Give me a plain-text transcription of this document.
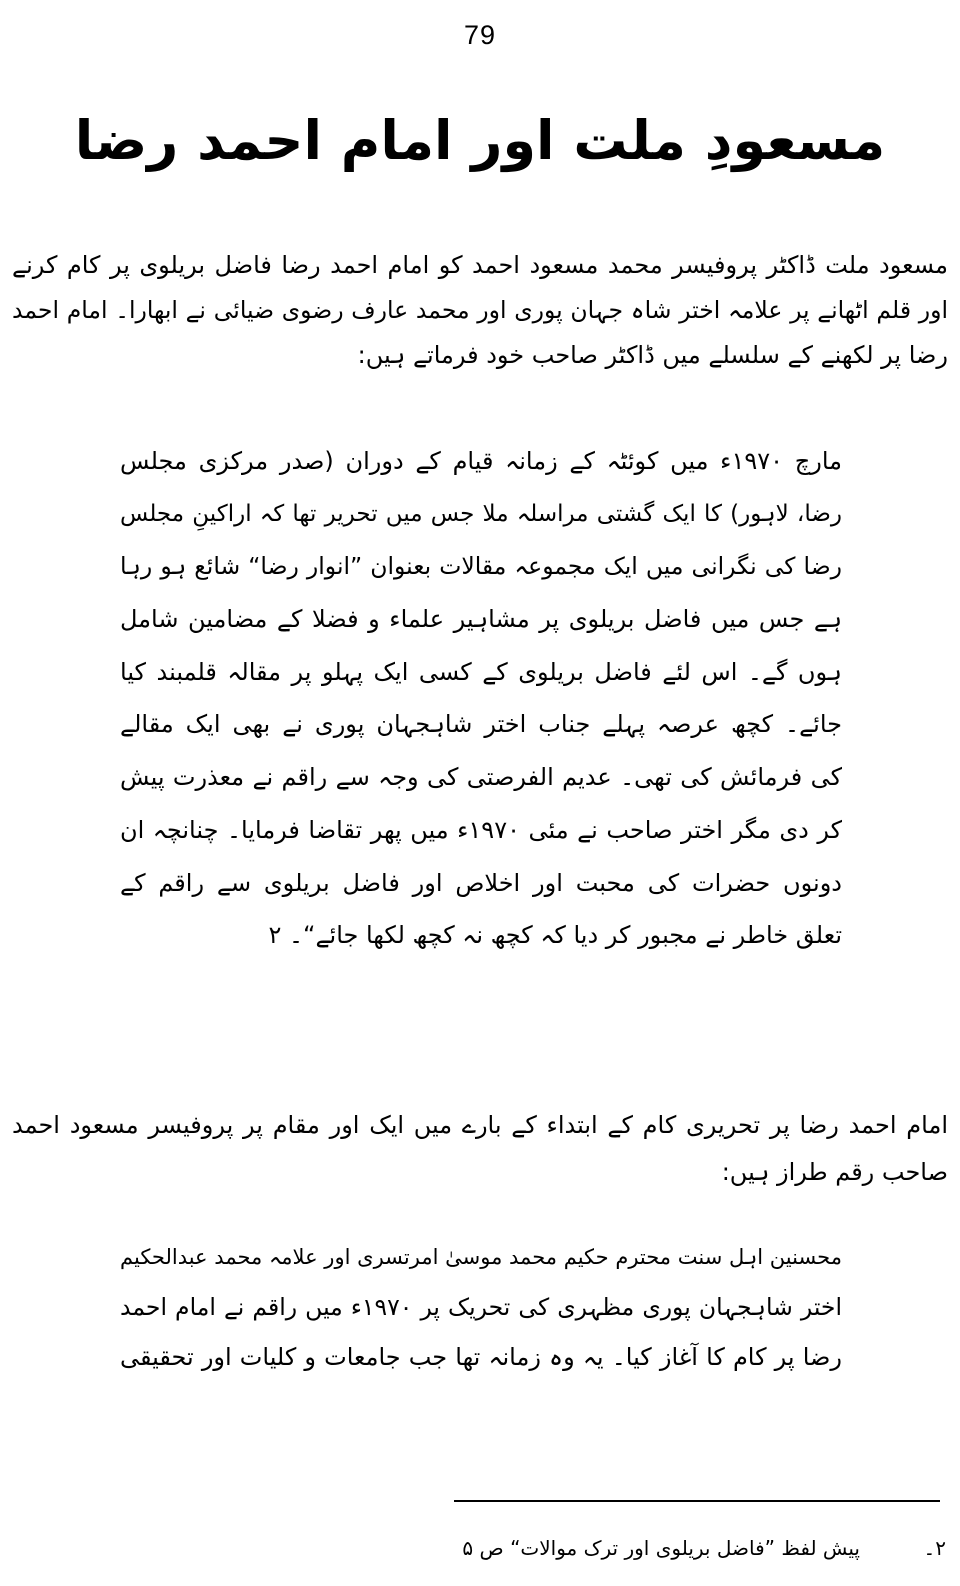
79
مسعودِ ملت اور امام احمد رضا
مسعود ملت ڈاکٹر پروفیسر محمد مسعود احمد کو امام احمد رضا فاضل بریلوی پر کام کرنے
اور قلم اٹھانے پر علامہ اختر شاہ جہان پوری اور محمد عارف رضوی ضیائی نے ابھارا۔ امام احمد
رضا پر لکھنے کے سلسلے میں ڈاکٹر صاحب خود فرماتے ہیں:
مارچ ۱۹۷۰ء میں کوئٹہ کے زمانہ قیام کے دوران (صدر مرکزی مجلس
رضا، لاہور) کا ایک گشتی مراسلہ ملا جس میں تحریر تھا کہ اراکینِ مجلس
رضا کی نگرانی میں ایک مجموعہ مقالات بعنوان ”انوار رضا“ شائع ہو رہا
ہے جس میں فاضل بریلوی پر مشاہیر علماء و فضلا کے مضامین شامل
ہوں گے۔ اس لئے فاضل بریلوی کے کسی ایک پہلو پر مقالہ قلمبند کیا
جائے۔ کچھ عرصہ پہلے جناب اختر شاہجہان پوری نے بھی ایک مقالے
کی فرمائش کی تھی۔ عدیم الفرصتی کی وجہ سے راقم نے معذرت پیش
کر دی مگر اختر صاحب نے مئی ۱۹۷۰ء میں پھر تقاضا فرمایا۔ چنانچہ ان
دونوں حضرات کی محبت اور اخلاص اور فاضل بریلوی سے راقم کے
تعلق خاطر نے مجبور کر دیا کہ کچھ نہ کچھ لکھا جائے“۔ ۲
امام احمد رضا پر تحریری کام کے ابتداء کے بارے میں ایک اور مقام پر پروفیسر مسعود احمد
صاحب رقم طراز ہیں:
محسنین اہل سنت محترم حکیم محمد موسیٰ امرتسری اور علامہ محمد عبدالحکیم
اختر شاہجہان پوری مظہری کی تحریک پر ۱۹۷۰ء میں راقم نے امام احمد
رضا پر کام کا آغاز کیا۔ یہ وہ زمانہ تھا جب جامعات و کلیات اور تحقیقی
۲۔
پیش لفظ ”فاضل بریلوی اور ترک موالات“ ص ۵
